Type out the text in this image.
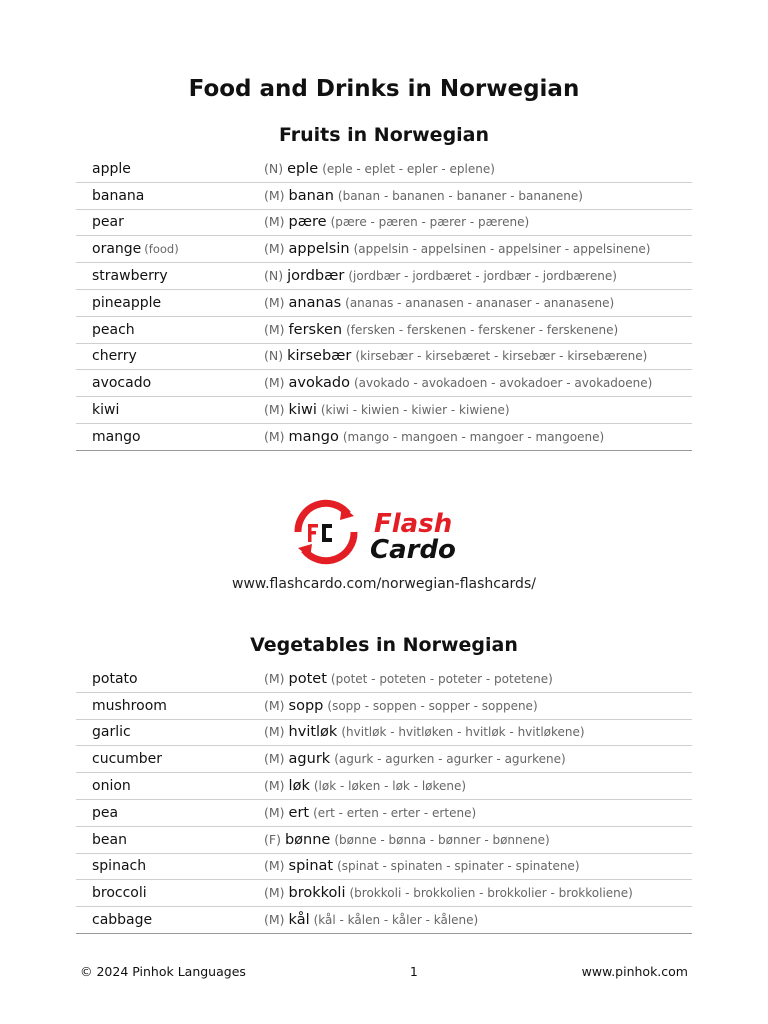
Food and Drinks in Norwegian
Fruits in Norwegian
apple	(N) eple (eple - eplet - epler - eplene)
banana	(M) banan (banan - bananen - bananer - bananene)
pear	(M) pære (pære - pæren - pærer - pærene)
orange (food)	(M) appelsin (appelsin - appelsinen - appelsiner - appelsinene)
strawberry	(N) jordbær (jordbær - jordbæret - jordbær - jordbærene)
pineapple	(M) ananas (ananas - ananasen - ananaser - ananasene)
peach	(M) fersken (fersken - ferskenen - ferskener - ferskenene)
cherry	(N) kirsebær (kirsebær - kirsebæret - kirsebær - kirsebærene)
avocado	(M) avokado (avokado - avokadoen - avokadoer - avokadoene)
kiwi	(M) kiwi (kiwi - kiwien - kiwier - kiwiene)
mango	(M) mango (mango - mangoen - mangoer - mangoene)
Flash
Cardo
www.flashcardo.com/norwegian-flashcards/
Vegetables in Norwegian
potato	(M) potet (potet - poteten - poteter - potetene)
mushroom	(M) sopp (sopp - soppen - sopper - soppene)
garlic	(M) hvitløk (hvitløk - hvitløken - hvitløk - hvitløkene)
cucumber	(M) agurk (agurk - agurken - agurker - agurkene)
onion	(M) løk (løk - løken - løk - løkene)
pea	(M) ert (ert - erten - erter - ertene)
bean	(F) bønne (bønne - bønna - bønner - bønnene)
spinach	(M) spinat (spinat - spinaten - spinater - spinatene)
broccoli	(M) brokkoli (brokkoli - brokkolien - brokkolier - brokkoliene)
cabbage	(M) kål (kål - kålen - kåler - kålene)
© 2024 Pinhok Languages	1	www.pinhok.com
